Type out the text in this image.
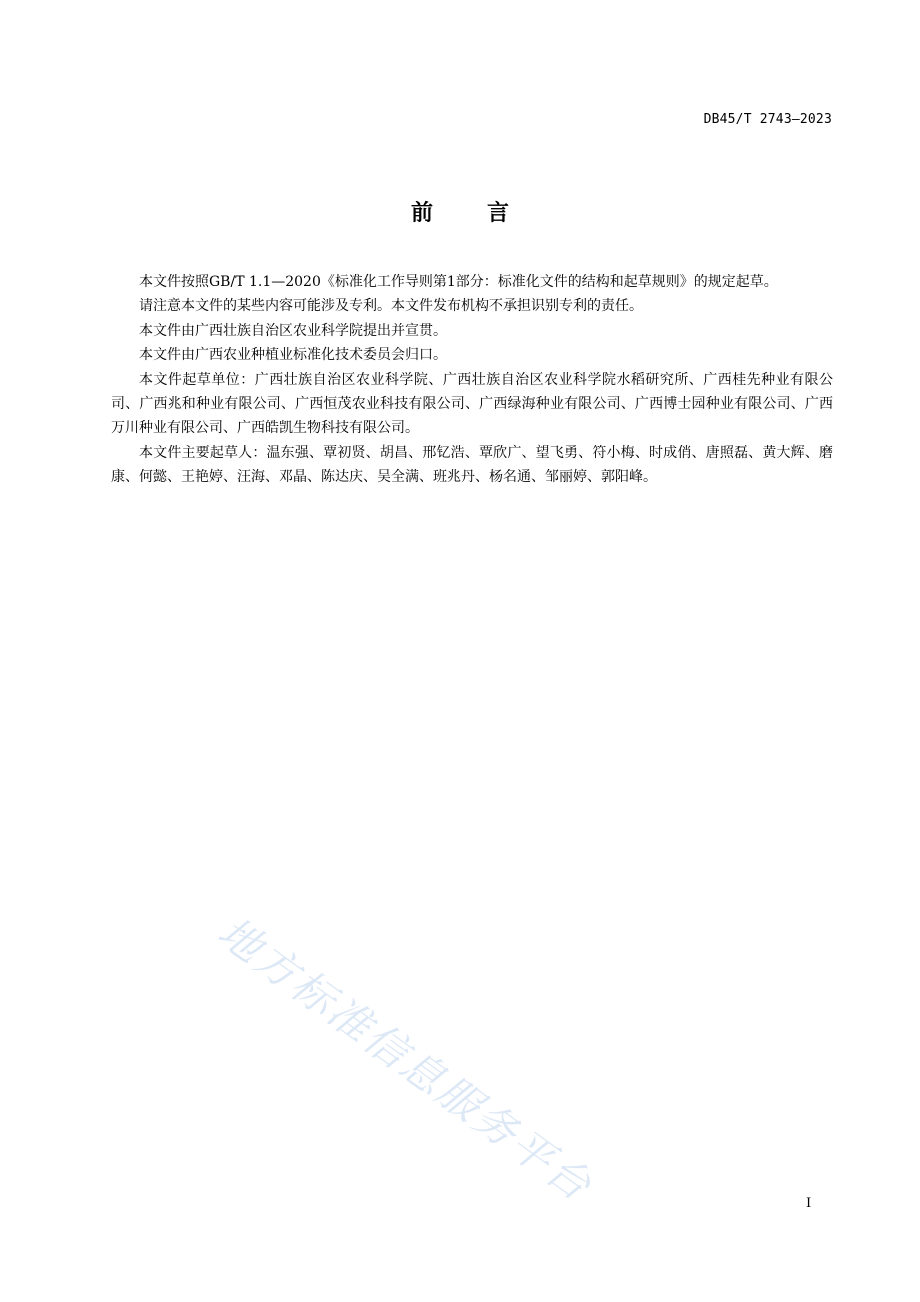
DB45/T 2743—2023
前言

本文件按照GB/T 1.1—2020《标准化工作导则第1部分：标准化文件的结构和起草规则》的规定起草。

请注意本文件的某些内容可能涉及专利。本文件发布机构不承担识别专利的责任。

本文件由广西壮族自治区农业科学院提出并宣贯。

本文件由广西农业种植业标准化技术委员会归口。

本文件起草单位：广西壮族自治区农业科学院、广西壮族自治区农业科学院水稻研究所、广西桂先种业有限公司、广西兆和种业有限公司、广西恒茂农业科技有限公司、广西绿海种业有限公司、广西博士园种业有限公司、广西万川种业有限公司、广西皓凯生物科技有限公司。

本文件主要起草人：温东强、覃初贤、胡昌、邢钇浩、覃欣广、望飞勇、符小梅、时成俏、唐照磊、黄大辉、磨康、何懿、王艳婷、汪海、邓晶、陈达庆、吴全满、班兆丹、杨名通、邹丽婷、郭阳峰。

地方标准信息服务平台	I
